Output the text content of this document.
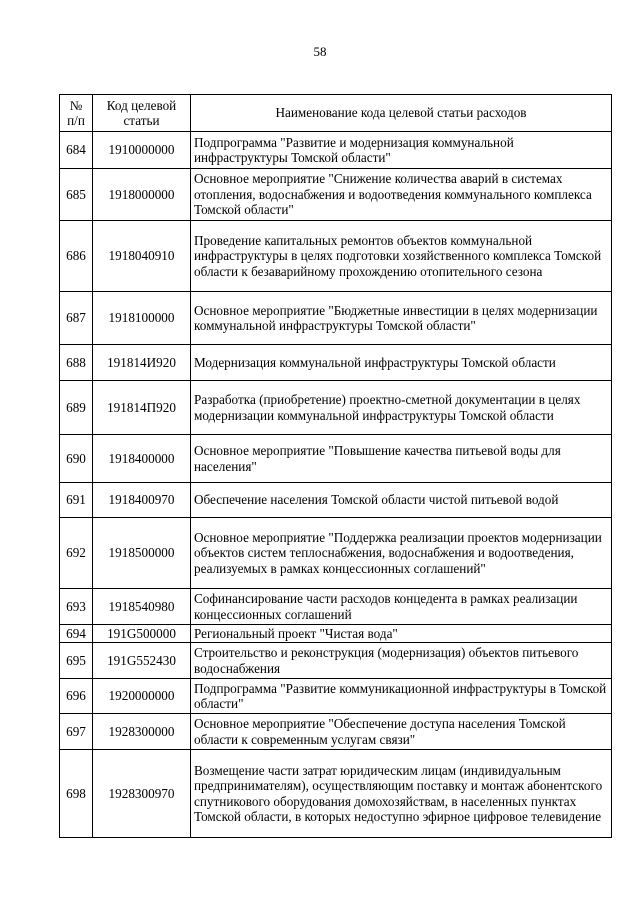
58
№ п/п	Код целевой статьи	Наименование кода целевой статьи расходов
684	1910000000	Подпрограмма "Развитие и модернизация коммунальной инфраструктуры Томской области"
685	1918000000	Основное мероприятие "Снижение количества аварий в системах отопления, водоснабжения и водоотведения коммунального комплекса Томской области"
686	1918040910	Проведение капитальных ремонтов объектов коммунальной инфраструктуры в целях подготовки хозяйственного комплекса Томской области к безаварийному прохождению отопительного сезона
687	1918100000	Основное мероприятие "Бюджетные инвестиции в целях модернизации коммунальной инфраструктуры Томской области"
688	191814И920	Модернизация коммунальной инфраструктуры Томской области
689	191814П920	Разработка (приобретение) проектно-сметной документации в целях модернизации коммунальной инфраструктуры Томской области
690	1918400000	Основное мероприятие "Повышение качества питьевой воды для населения"
691	1918400970	Обеспечение населения Томской области чистой питьевой водой
692	1918500000	Основное мероприятие "Поддержка реализации проектов модернизации объектов систем теплоснабжения, водоснабжения и водоотведения, реализуемых в рамках концессионных соглашений"
693	1918540980	Софинансирование части расходов концедента в рамках реализации концессионных соглашений
694	191G500000	Региональный проект "Чистая вода"
695	191G552430	Строительство и реконструкция (модернизация) объектов питьевого водоснабжения
696	1920000000	Подпрограмма "Развитие коммуникационной инфраструктуры в Томской области"
697	1928300000	Основное мероприятие "Обеспечение доступа населения Томской области к современным услугам связи"
698	1928300970	Возмещение части затрат юридическим лицам (индивидуальным предпринимателям), осуществляющим поставку и монтаж абонентского спутникового оборудования домохозяйствам, в населенных пунктах Томской области, в которых недоступно эфирное цифровое телевидение
